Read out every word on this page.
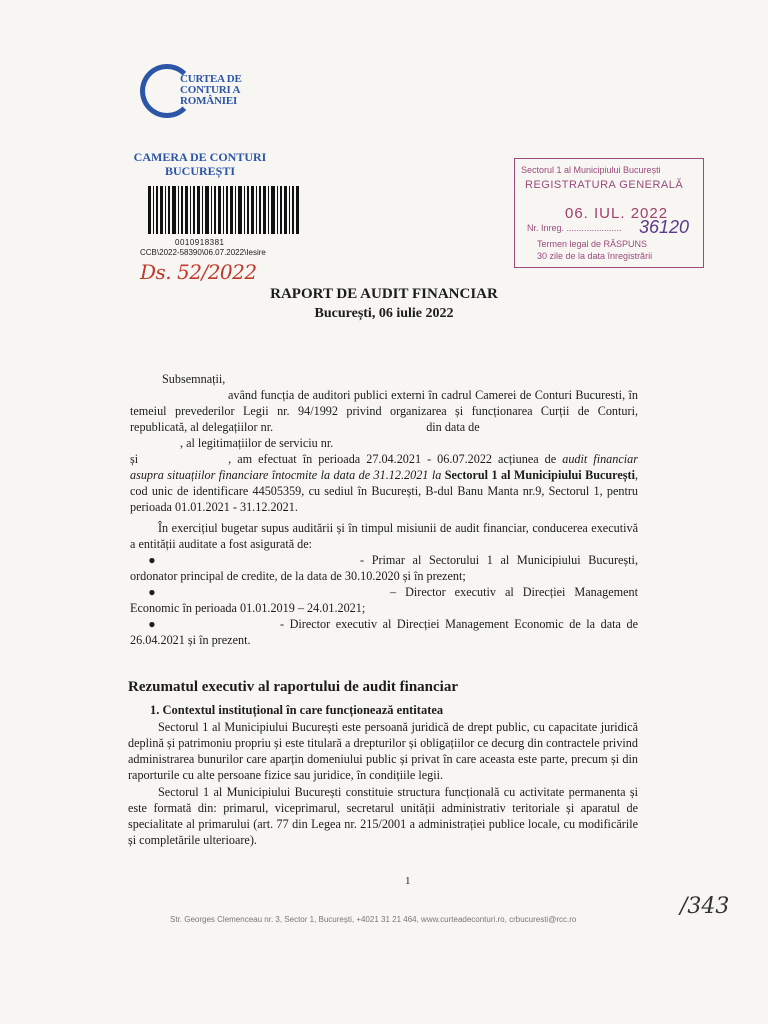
CURTEA DE
CONTURI A
ROMÂNIEI
CAMERA DE CONTURI
BUCUREȘTI
0010918381
CCB\2022-58390\06.07.2022\Iesire
Ds. 52/2022
Sectorul 1 al Municipiului București
REGISTRATURA GENERALĂ
06. IUL. 2022
Nr. Inreg. ...................... 36120
Termen legal de RĂSPUNS
30 zile de la data înregistrării
RAPORT DE AUDIT FINANCIAR
București, 06 iulie 2022
Subsemnații,
având funcția de auditori publici externi în cadrul Camerei de Conturi Bucuresti, în temeiul prevederilor Legii nr. 94/1992 privind organizarea și funcționarea Curții de Conturi, republicată, al delegațiilor nr.	din data de
, al legitimațiilor de serviciu nr.
și	, am efectuat în perioada 27.04.2021 - 06.07.2022 acțiunea de audit financiar asupra situațiilor financiare întocmite la data de 31.12.2021 la Sectorul 1 al Municipiului București, cod unic de identificare 44505359, cu sediul în București, B-dul Banu Manta nr.9, Sectorul 1, pentru perioada 01.01.2021 - 31.12.2021.
În exercițiul bugetar supus auditării și în timpul misiunii de audit financiar, conducerea executivă a entității auditate a fost asigurată de:
●	- Primar al Sectorului 1 al Municipiului București, ordonator principal de credite, de la data de 30.10.2020 și în prezent;
●	– Director executiv al Direcției Management Economic în perioada 01.01.2019 – 24.01.2021;
●	- Director executiv al Direcției Management Economic de la data de 26.04.2021 și în prezent.
Rezumatul executiv al raportului de audit financiar
1. Contextul instituțional în care funcționează entitatea
Sectorul 1 al Municipiului București este persoană juridică de drept public, cu capacitate juridică deplină și patrimoniu propriu și este titulară a drepturilor și obligațiilor ce decurg din contractele privind administrarea bunurilor care aparțin domeniului public și privat în care aceasta este parte, precum și din raporturile cu alte persoane fizice sau juridice, în condițiile legii.
Sectorul 1 al Municipiului București constituie structura funcțională cu activitate permanenta și este formată din: primarul, viceprimarul, secretarul unității administrativ teritoriale și aparatul de specialitate al primarului (art. 77 din Legea nr. 215/2001 a administrației publice locale, cu modificările și completările ulterioare).
1
Str. Georges Clemenceau nr. 3, Sector 1, București, +4021 31 21 464, www.curteadeconturi.ro, crbucuresti@rcc.ro
/343
